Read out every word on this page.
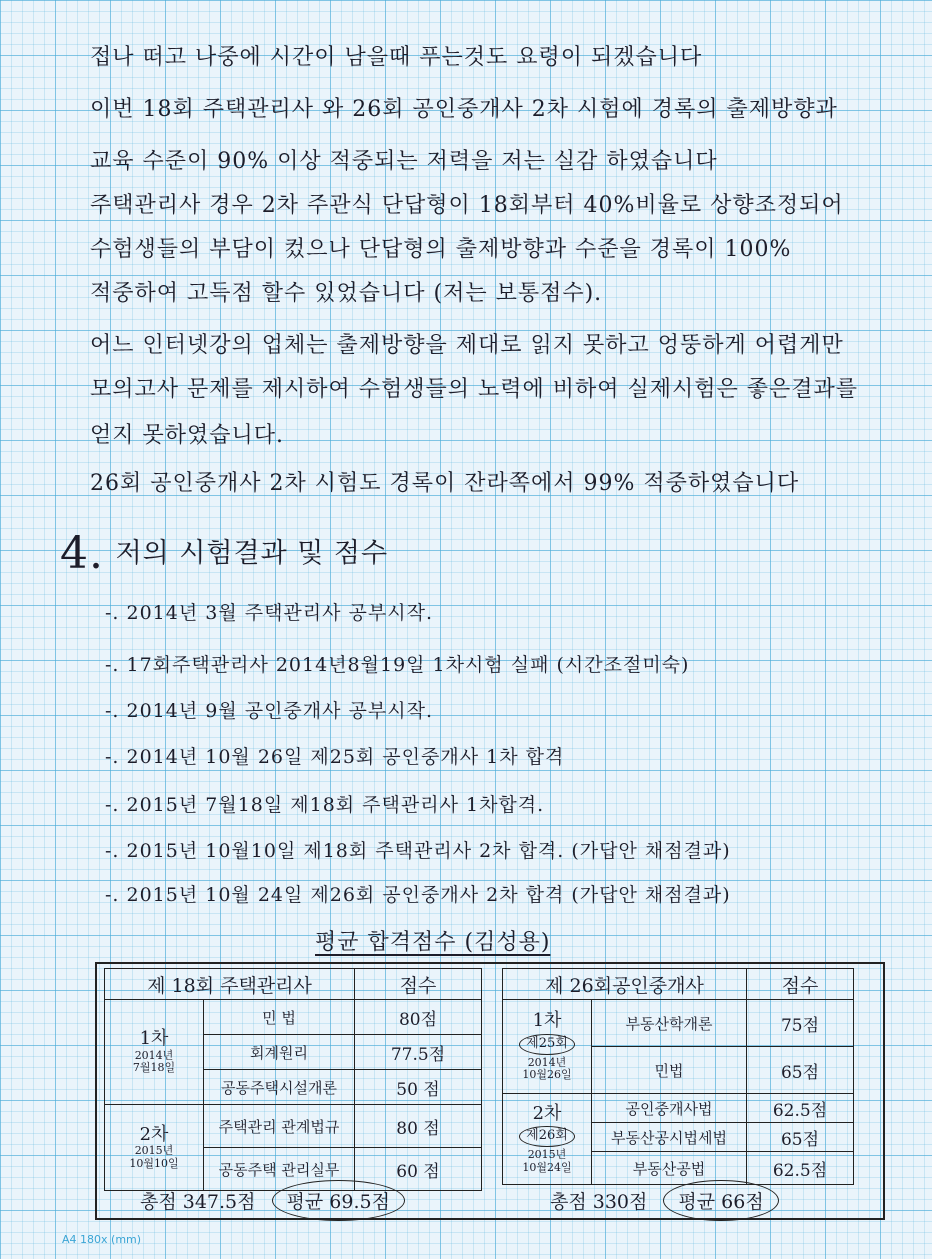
접나 떠고 나중에 시간이 남을때 푸는것도 요령이 되겠습니다
이번 18회 주택관리사 와 26회 공인중개사 2차 시험에 경록의 출제방향과
교육 수준이 90% 이상 적중되는 저력을 저는 실감 하였습니다
주택관리사 경우 2차 주관식 단답형이 18회부터 40%비율로 상향조정되어
수험생들의 부담이 컸으나 단답형의 출제방향과 수준을 경록이 100%
적중하여 고득점 할수 있었습니다 (저는 보통점수).
어느 인터넷강의 업체는 출제방향을 제대로 읽지 못하고 엉뚱하게 어렵게만
모의고사 문제를 제시하여 수험생들의 노력에 비하여 실제시험은 좋은결과를
얻지 못하였습니다.
26회 공인중개사 2차 시험도 경록이 잔라쪽에서 99% 적중하였습니다
4. 저의 시험결과 및 점수
-. 2014년 3월 주택관리사 공부시작.
-. 17회주택관리사 2014년8월19일 1차시험 실패 (시간조절미숙)
-. 2014년 9월 공인중개사 공부시작.
-. 2014년 10월 26일 제25회 공인중개사 1차 합격
-. 2015년 7월18일 제18회 주택관리사 1차합격.
-. 2015년 10월10일 제18회 주택관리사 2차 합격. (가답안 채점결과)
-. 2015년 10월 24일 제26회 공인중개사 2차 합격 (가답안 채점결과)
평균 합격점수 (김성용)
제 18회 주택관리사		점수
1차
2014년
7월18일	민 법	80점
	회계원리	77.5점
	공동주택시설개론	50 점
2차
2015년
10월10일	주택관리 관계법규	80 점
	공동주택 관리실무	60 점
제 26회공인중개사		점수
1차
제25회
2014년
10월26일	부동산학개론	75점
	민법	65점
2차
제26회
2015년
10월24일	공인중개사법	62.5점
	부동산공시법세법	65점
	부동산공법	62.5점
총점 347.5점 평균 69.5점	총점 330점 평균 66점
A4 180x (mm)
